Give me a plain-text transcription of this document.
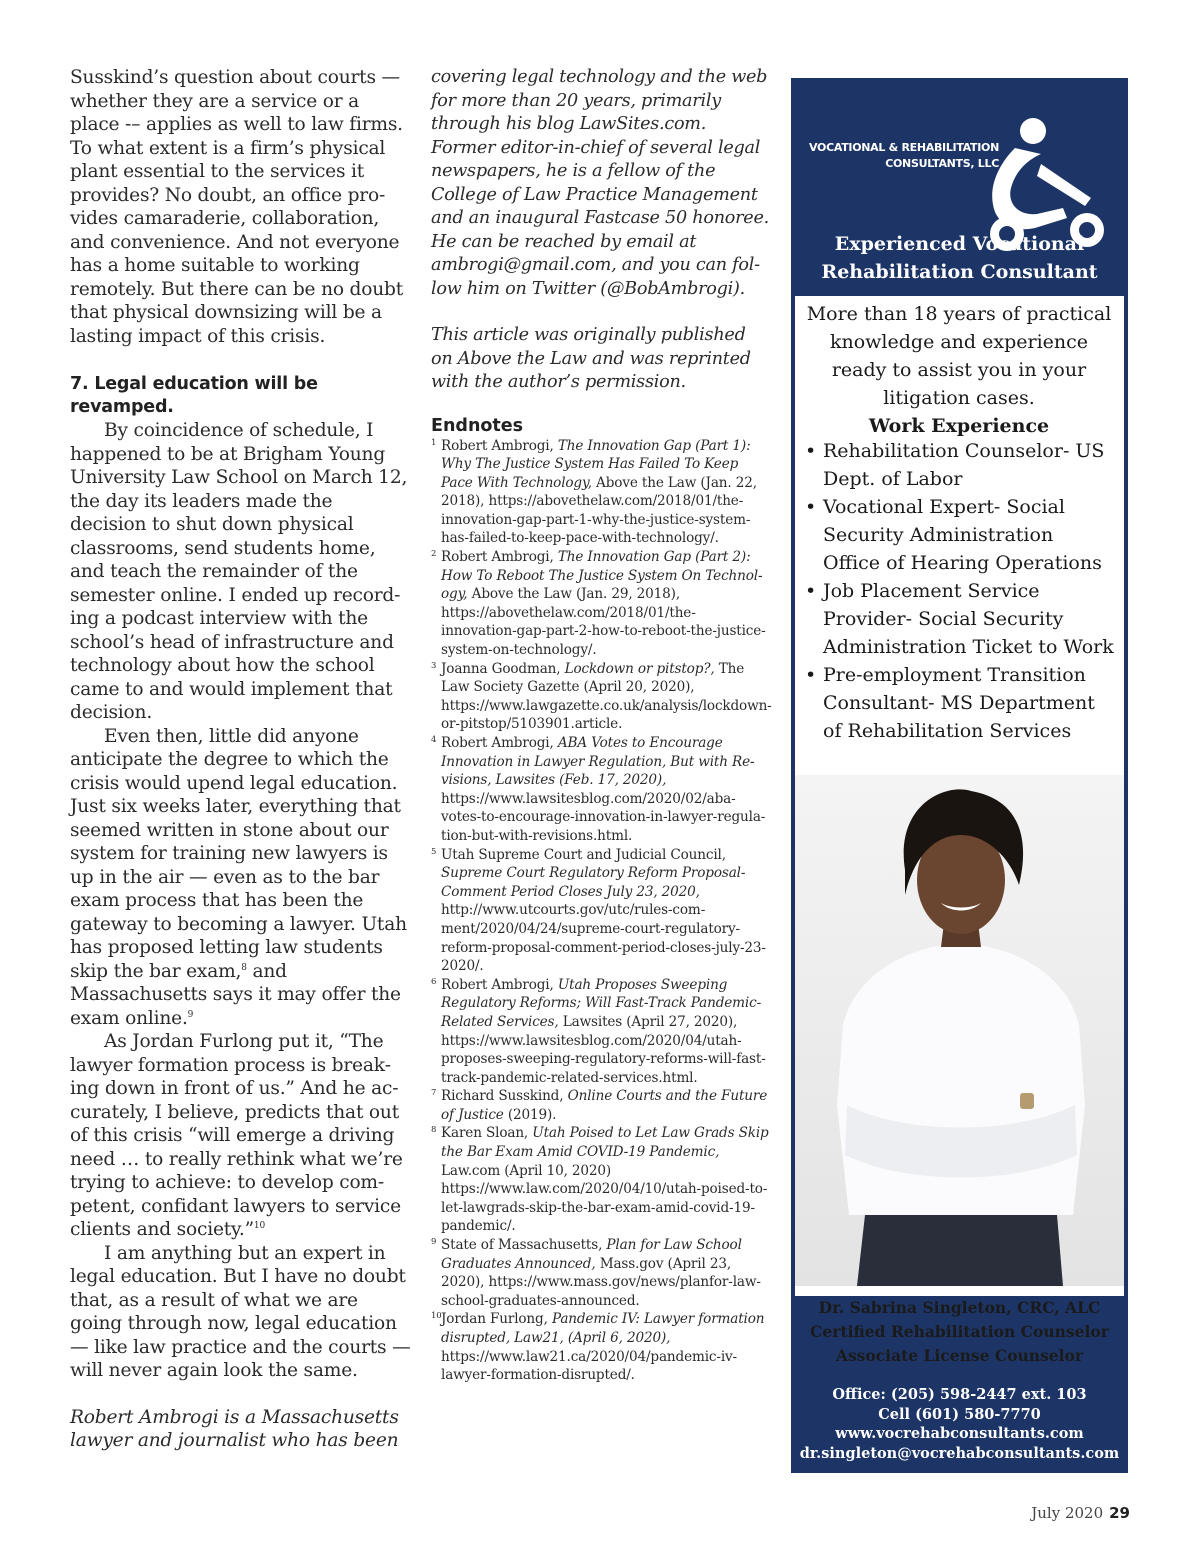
Susskind’s question about courts — whether they are a service or a place -– applies as well to law firms. To what extent is a firm’s physical plant essential to the services it provides? No doubt, an office provides camaraderie, collaboration, and convenience. And not everyone has a home suitable to working remotely. But there can be no doubt that physical downsizing will be a lasting impact of this crisis.

7. Legal education will be revamped.

By coincidence of schedule, I happened to be at Brigham Young University Law School on March 12, the day its leaders made the decision to shut down physical classrooms, send students home, and teach the remainder of the semester online. I ended up recording a podcast interview with the school’s head of infrastructure and technology about how the school came to and would implement that decision.

Even then, little did anyone anticipate the degree to which the crisis would upend legal education. Just six weeks later, everything that seemed written in stone about our system for training new lawyers is up in the air — even as to the bar exam process that has been the gateway to becoming a lawyer. Utah has proposed letting law students skip the bar exam,$^8$ and Massachusetts says it may offer the exam online.$^9$

As Jordan Furlong put it, “The lawyer formation process is breaking down in front of us.” And he accurately, I believe, predicts that out of this crisis “will emerge a driving need … to really rethink what we’re trying to achieve: to develop competent, confidant lawyers to service clients and society.”$^{10}$

I am anything but an expert in legal education. But I have no doubt that, as a result of what we are going through now, legal education — like law practice and the courts — will never again look the same.

Robert Ambrogi is a Massachusetts lawyer and journalist who has been

covering legal technology and the web for more than 20 years, primarily through his blog LawSites.com. Former editor-in-chief of several legal newspapers, he is a fellow of the College of Law Practice Management and an inaugural Fastcase 50 honoree. He can be reached by email at ambrogi@gmail.com, and you can follow him on Twitter (@BobAmbrogi).

This article was originally published on Above the Law and was reprinted with the author’s permission.

Endnotes
1 Robert Ambrogi, The Innovation Gap (Part 1): Why The Justice System Has Failed To Keep Pace With Technology, Above the Law (Jan. 22, 2018), https://abovethelaw.com/2018/01/the-innovation-gap-part-1-why-the-justice-system-has-failed-to-keep-pace-with-technology/.
2 Robert Ambrogi, The Innovation Gap (Part 2): How To Reboot The Justice System On Technology, Above the Law (Jan. 29, 2018), https://abovethelaw.com/2018/01/the-innovation-gap-part-2-how-to-reboot-the-justice-system-on-technology/.
3 Joanna Goodman, Lockdown or pitstop?, The Law Society Gazette (April 20, 2020), https://www.lawgazette.co.uk/analysis/lockdown-or-pitstop/5103901.article.
4 Robert Ambrogi, ABA Votes to Encourage Innovation in Lawyer Regulation, But with Revisions, Lawsites (Feb. 17, 2020), https://www.lawsitesblog.com/2020/02/aba-votes-to-encourage-innovation-in-lawyer-regulation-but-with-revisions.html.
5 Utah Supreme Court and Judicial Council, Supreme Court Regulatory Reform Proposal-Comment Period Closes July 23, 2020, http://www.utcourts.gov/utc/rules-comment/2020/04/24/supreme-court-regulatory-reform-proposal-comment-period-closes-july-23-2020/.
6 Robert Ambrogi, Utah Proposes Sweeping Regulatory Reforms; Will Fast-Track Pandemic-Related Services, Lawsites (April 27, 2020), https://www.lawsitesblog.com/2020/04/utah-proposes-sweeping-regulatory-reforms-will-fast-track-pandemic-related-services.html.
7 Richard Susskind, Online Courts and the Future of Justice (2019).
8 Karen Sloan, Utah Poised to Let Law Grads Skip the Bar Exam Amid COVID-19 Pandemic, Law.com (April 10, 2020) https://www.law.com/2020/04/10/utah-poised-to-let-lawgrads-skip-the-bar-exam-amid-covid-19-pandemic/.
9 State of Massachusetts, Plan for Law School Graduates Announced, Mass.gov (April 23, 2020), https://www.mass.gov/news/planfor-law-school-graduates-announced.
10 Jordan Furlong, Pandemic IV: Lawyer formation disrupted, Law21, (April 6, 2020), https://www.law21.ca/2020/04/pandemic-iv-lawyer-formation-disrupted/.
VOCATIONAL & REHABILITATION
CONSULTANTS, LLC
Experienced Vocational
Rehabilitation Consultant
More than 18 years of practical knowledge and experience ready to assist you in your litigation cases.
Work Experience
• Rehabilitation Counselor- US Dept. of Labor
• Vocational Expert- Social Security Administration Office of Hearing Operations
• Job Placement Service Provider- Social Security Administration Ticket to Work
• Pre-employment Transition Consultant- MS Department of Rehabilitation Services
Dr. Sabrina Singleton, CRC, ALC
Certified Rehabilitation Counselor
Associate License Counselor
Office: (205) 598-2447 ext. 103
Cell (601) 580-7770
www.vocrehabconsultants.com
dr.singleton@vocrehabconsultants.com
July 2020 29
